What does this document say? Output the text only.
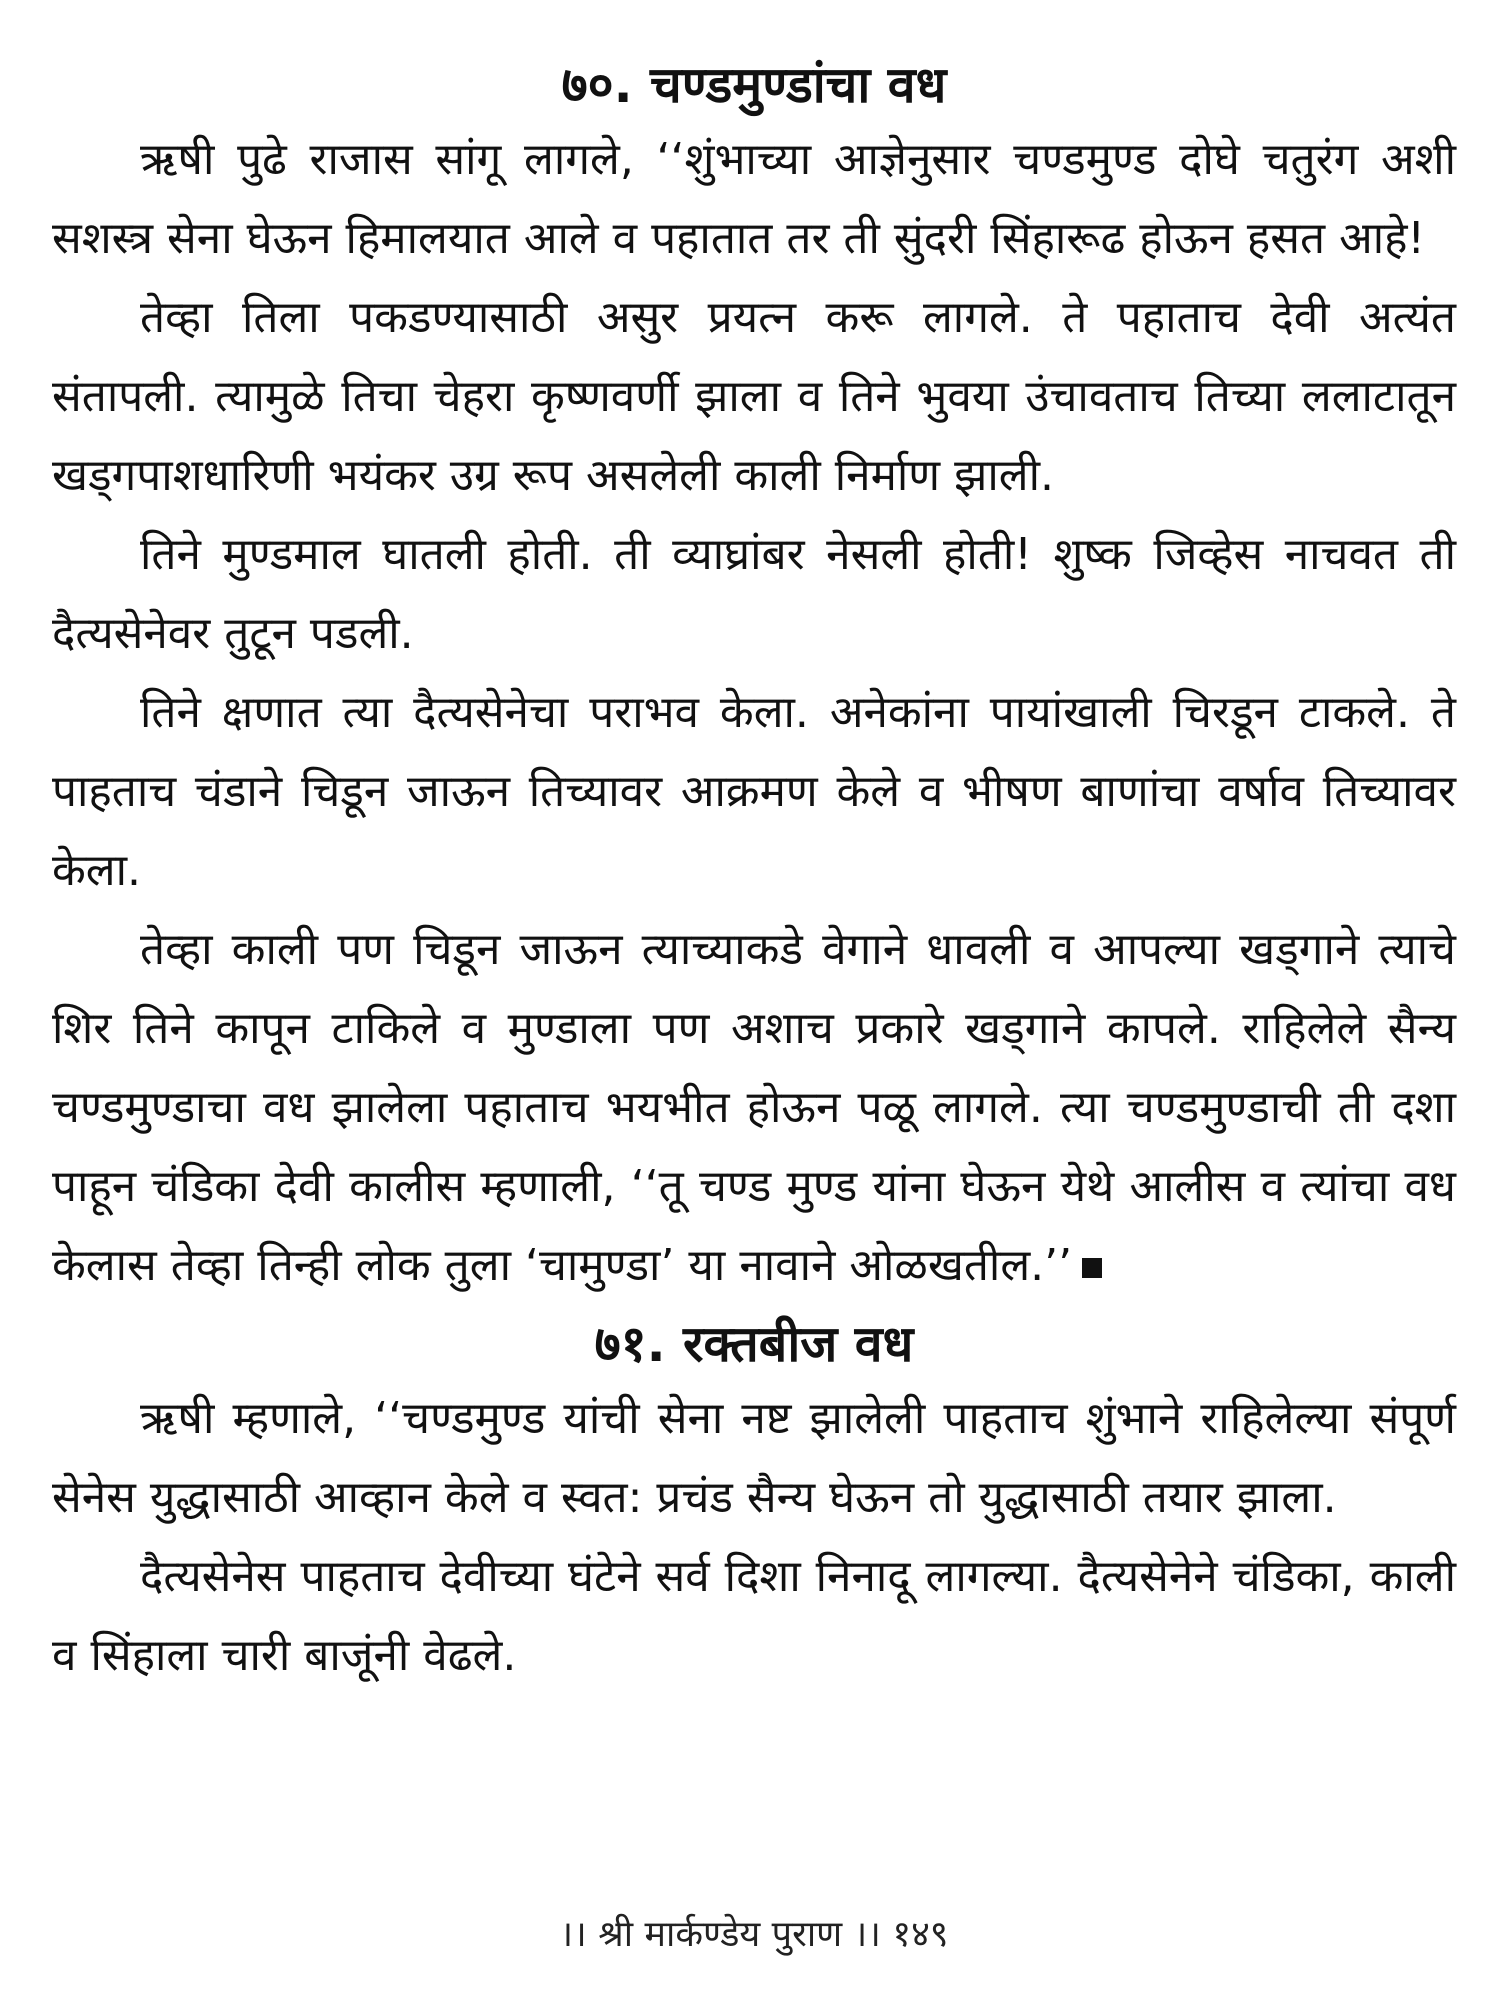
७०. चण्डमुण्डांचा वध

ऋषी पुढे राजास सांगू लागले, ‘‘शुंभाच्या आज्ञेनुसार चण्डमुण्ड दोघे चतुरंग अशी सशस्त्र सेना घेऊन हिमालयात आले व पहातात तर ती सुंदरी सिंहारूढ होऊन हसत आहे!

तेव्हा तिला पकडण्यासाठी असुर प्रयत्न करू लागले. ते पहाताच देवी अत्यंत संतापली. त्यामुळे तिचा चेहरा कृष्णवर्णी झाला व तिने भुवया उंचावताच तिच्या ललाटातून खड्गपाशधारिणी भयंकर उग्र रूप असलेली काली निर्माण झाली.

तिने मुण्डमाल घातली होती. ती व्याघ्रांबर नेसली होती! शुष्क जिव्हेस नाचवत ती दैत्यसेनेवर तुटून पडली.

तिने क्षणात त्या दैत्यसेनेचा पराभव केला. अनेकांना पायांखाली चिरडून टाकले. ते पाहताच चंडाने चिडून जाऊन तिच्यावर आक्रमण केले व भीषण बाणांचा वर्षाव तिच्यावर केला.

तेव्हा काली पण चिडून जाऊन त्याच्याकडे वेगाने धावली व आपल्या खड्गाने त्याचे शिर तिने कापून टाकिले व मुण्डाला पण अशाच प्रकारे खड्गाने कापले. राहिलेले सैन्य चण्डमुण्डाचा वध झालेला पहाताच भयभीत होऊन पळू लागले. त्या चण्डमुण्डाची ती दशा पाहून चंडिका देवी कालीस म्हणाली, ‘‘तू चण्ड मुण्ड यांना घेऊन येथे आलीस व त्यांचा वध केलास तेव्हा तिन्ही लोक तुला ‘चामुण्डा’ या नावाने ओळखतील.’’

७१. रक्तबीज वध

ऋषी म्हणाले, ‘‘चण्डमुण्ड यांची सेना नष्ट झालेली पाहताच शुंभाने राहिलेल्या संपूर्ण सेनेस युद्धासाठी आव्हान केले व स्वत: प्रचंड सैन्य घेऊन तो युद्धासाठी तयार झाला.

दैत्यसेनेस पाहताच देवीच्या घंटेने सर्व दिशा निनादू लागल्या. दैत्यसेनेने चंडिका, काली व सिंहाला चारी बाजूंनी वेढले.

।। श्री मार्कण्डेय पुराण ।। १४९
